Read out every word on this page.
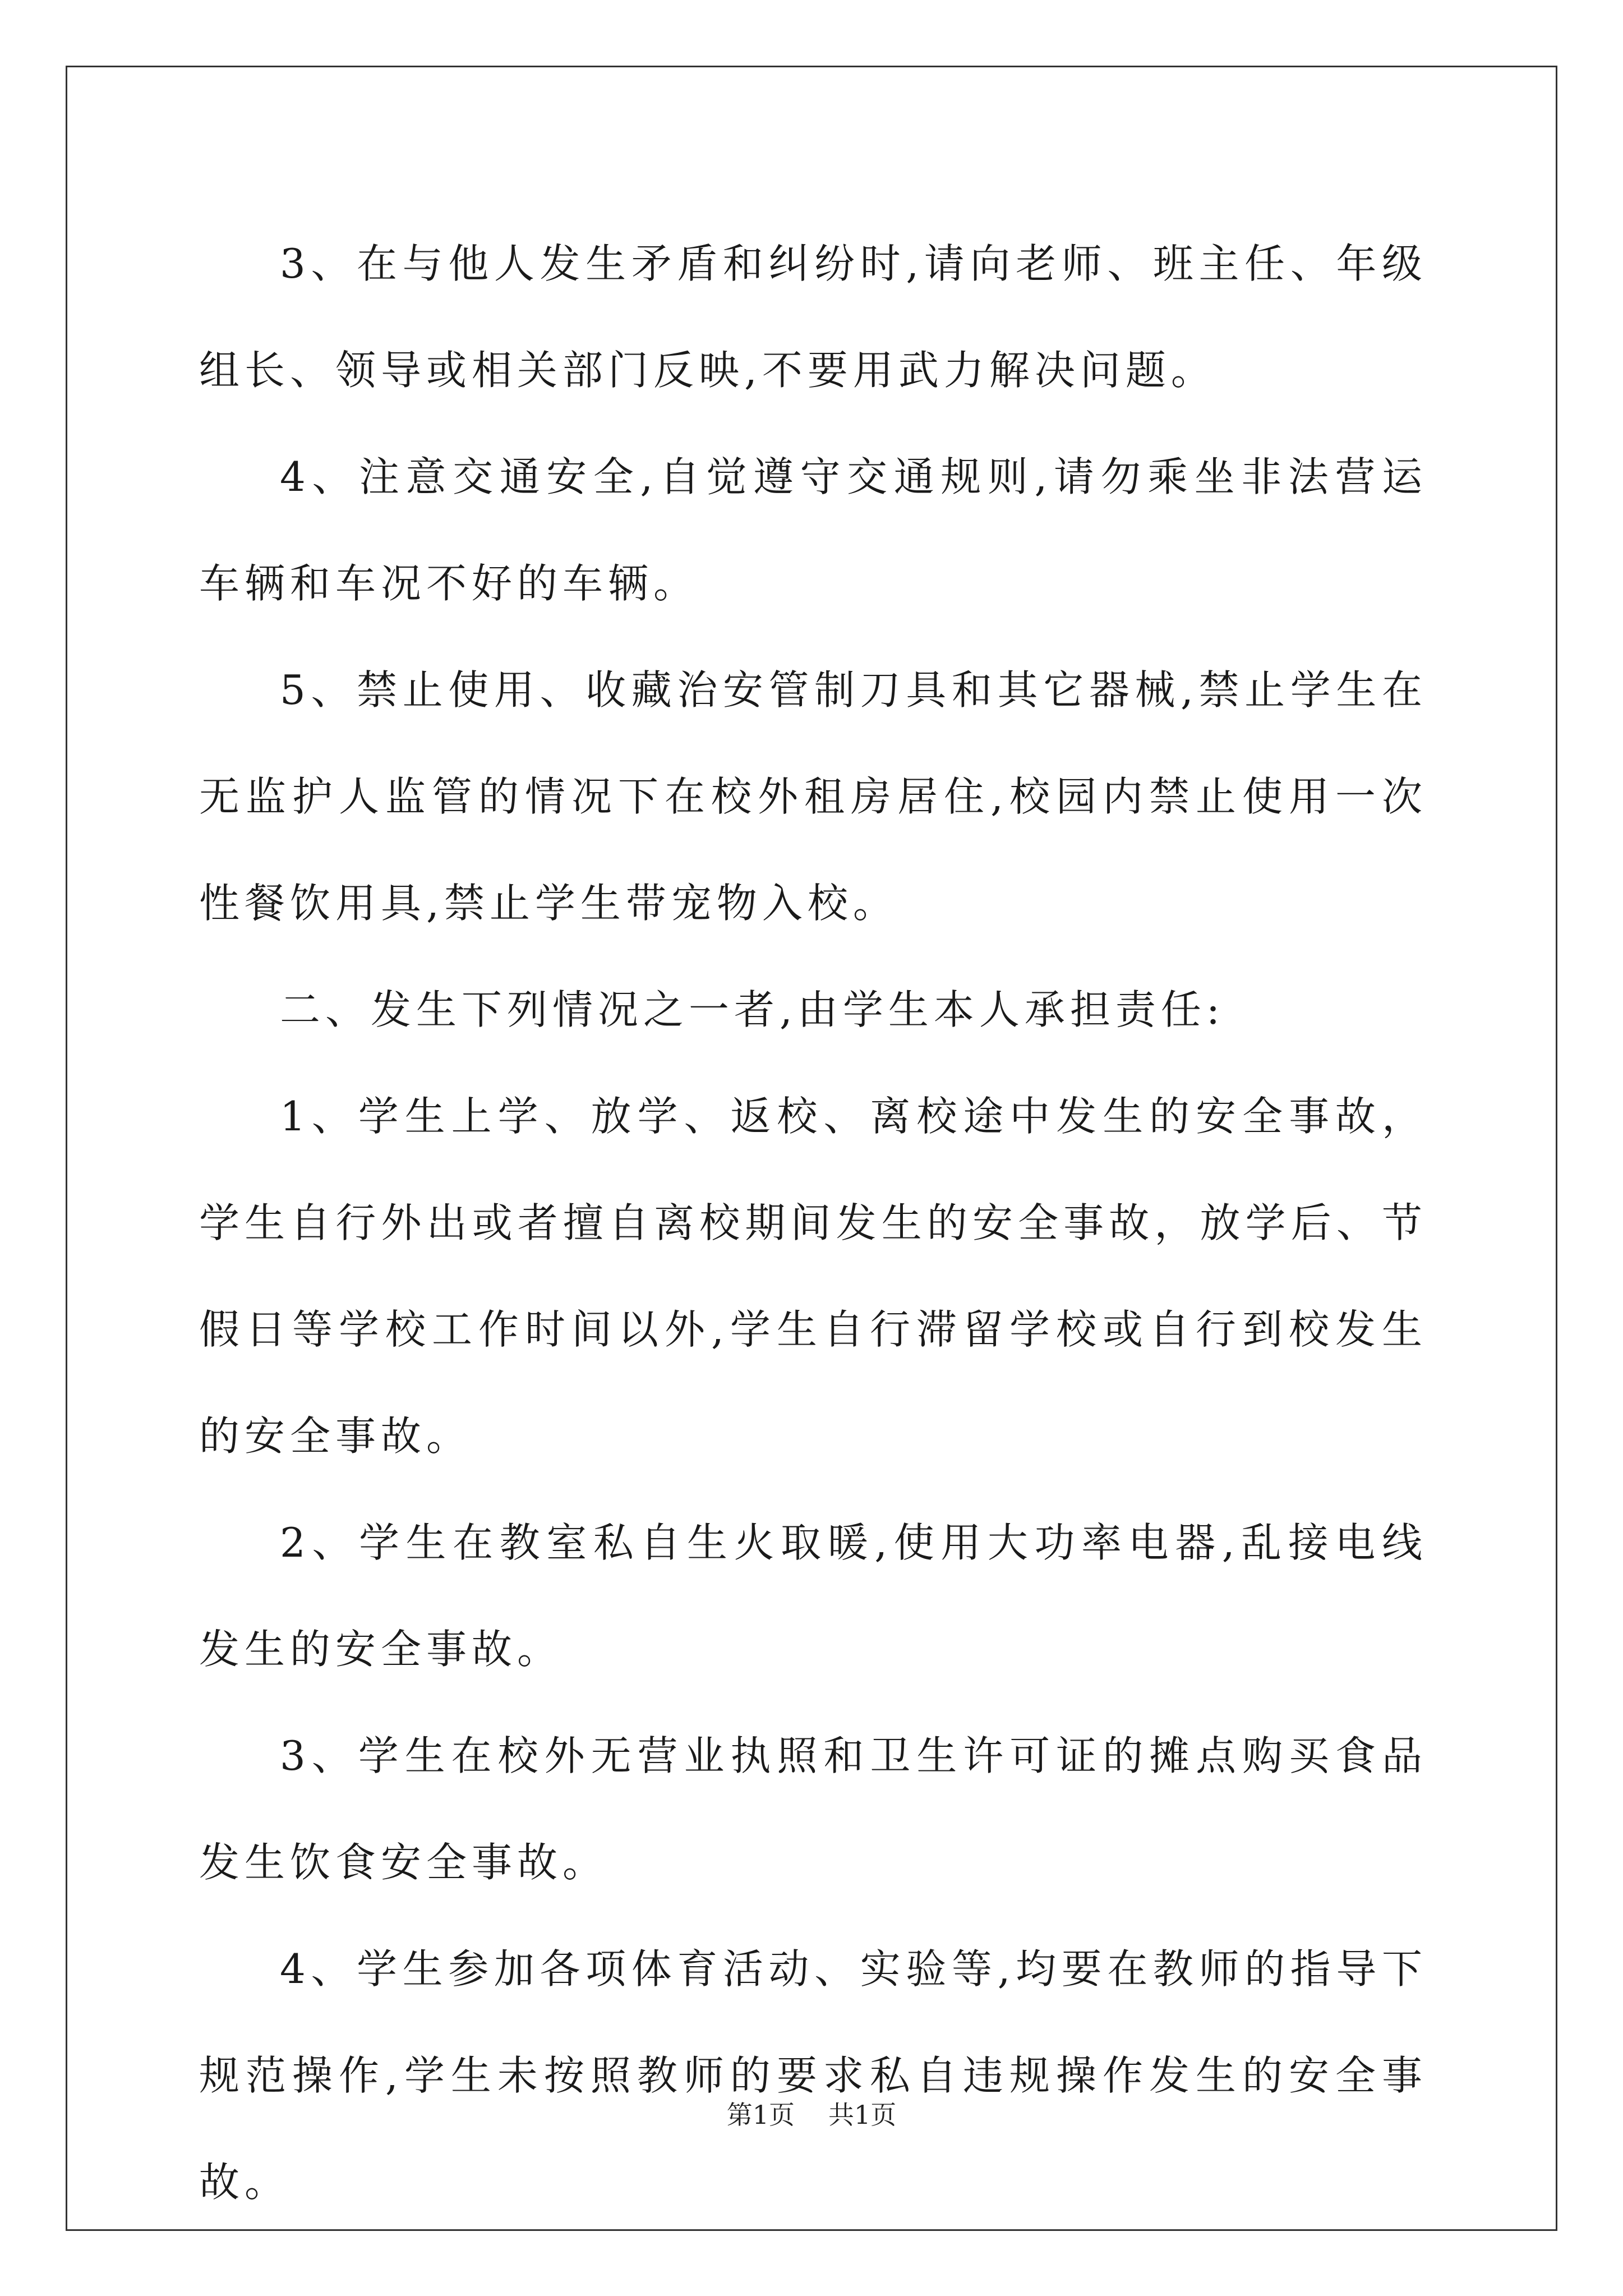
3、在与他人发生矛盾和纠纷时,请向老师、班主任、年级组长、领导或相关部门反映,不要用武力解决问题。

4、注意交通安全,自觉遵守交通规则,请勿乘坐非法营运车辆和车况不好的车辆。

5、禁止使用、收藏治安管制刀具和其它器械,禁止学生在无监护人监管的情况下在校外租房居住,校园内禁止使用一次性餐饮用具,禁止学生带宠物入校。

二、发生下列情况之一者,由学生本人承担责任:

1、学生上学、放学、返校、离校途中发生的安全事故，学生自行外出或者擅自离校期间发生的安全事故，放学后、节假日等学校工作时间以外,学生自行滞留学校或自行到校发生的安全事故。

2、学生在教室私自生火取暖,使用大功率电器,乱接电线发生的安全事故。

3、学生在校外无营业执照和卫生许可证的摊点购买食品发生饮食安全事故。

4、学生参加各项体育活动、实验等,均要在教师的指导下规范操作,学生未按照教师的要求私自违规操作发生的安全事故。

第1页 共1页
